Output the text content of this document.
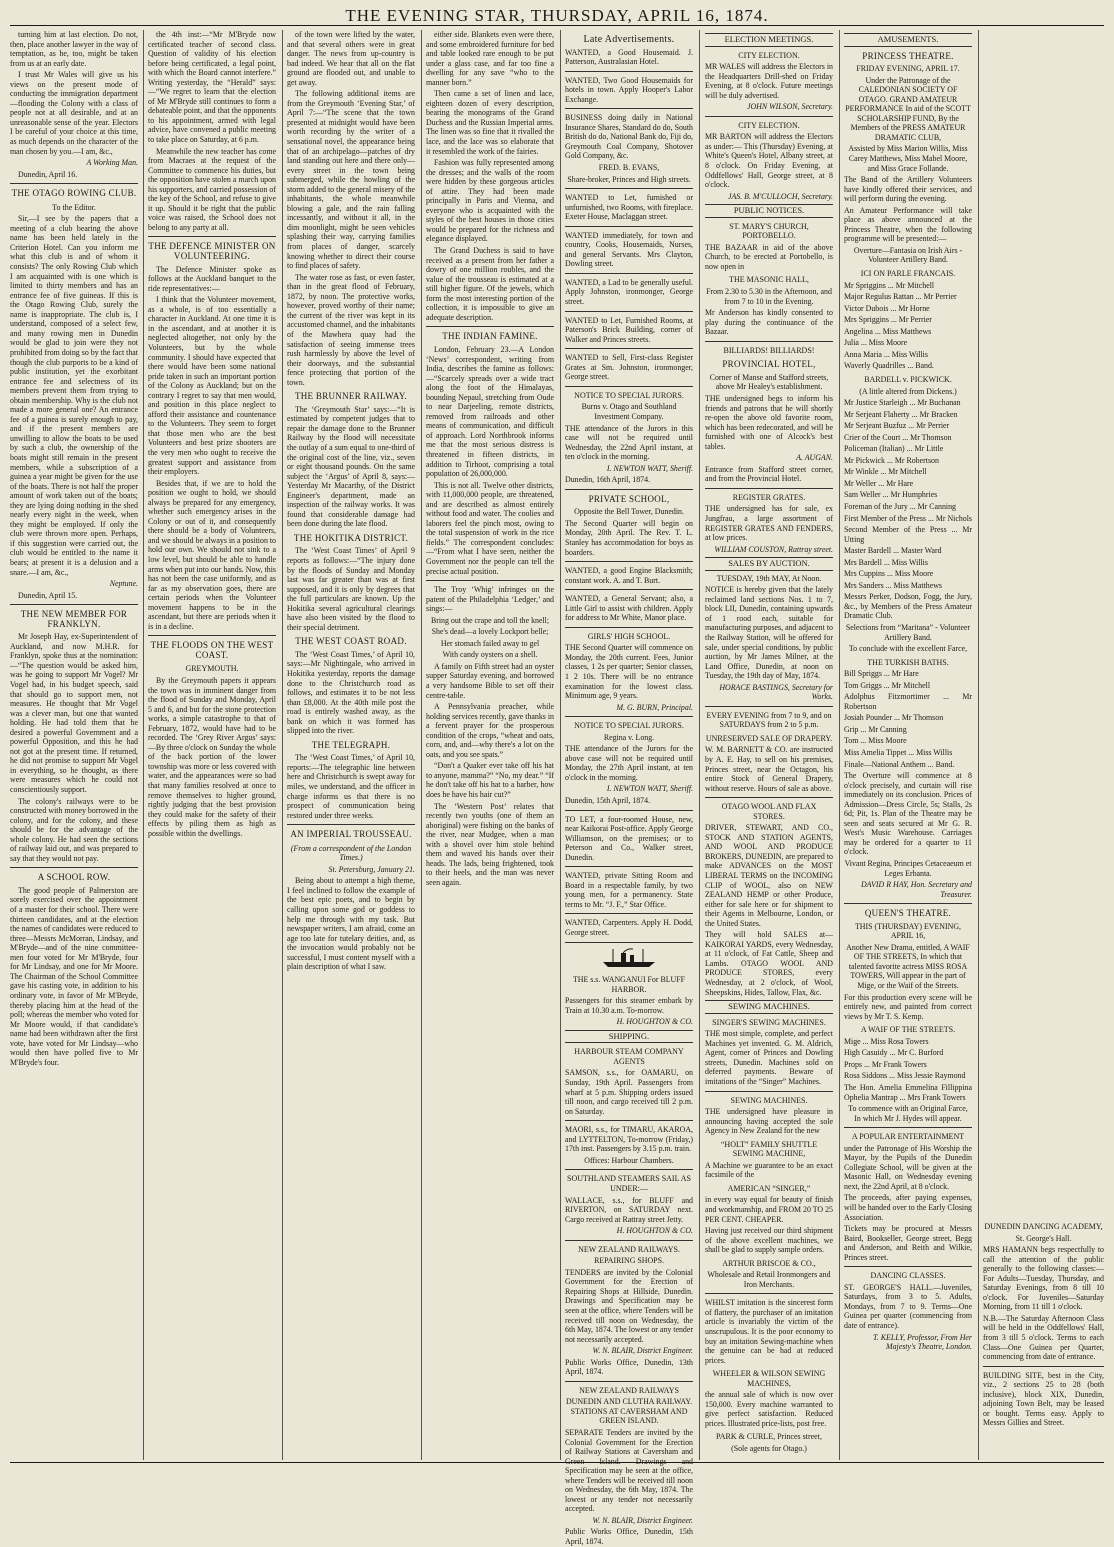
THE EVENING STAR, THURSDAY, APRIL 16, 1874.

turning him at last election. Do not, then, place another lawyer in the way of temptation, as he, too, might be taken from us at an early date.

I trust Mr Wales will give us his views on the present mode of conducting the immigration department—flooding the Colony with a class of people not at all desirable, and at an unreasonable sense of the year. Electors I be careful of your choice at this time, as much depends on the character of the man chosen by you.—I am, &c.,

A Working Man.

Dunedin, April 16.

THE OTAGO ROWING CLUB.
To the Editor.

Sir,—I see by the papers that a meeting of a club bearing the above name has been held lately in the Criterion Hotel. Can you inform me what this club is and of whom it consists? The only Rowing Club which I am acquainted with is one which is limited to thirty members and has an entrance fee of five guineas. If this is the Otago Rowing Club, surely the name is inappropriate. The club is, I understand, composed of a select few, and many rowing men in Dunedin would be glad to join were they not prohibited from doing so by the fact that though the club purports to be a kind of public institution, yet the exorbitant entrance fee and selectness of its members prevent them from trying to obtain membership. Why is the club not made a more general one? An entrance fee of a guinea is surely enough to pay, and if the present members are unwilling to allow the boats to be used by such a club, the ownership of the boats might still remain in the present members, while a subscription of a guinea a year might be given for the use of the boats. There is not half the proper amount of work taken out of the boats; they are lying doing nothing in the shed nearly every night in the week, when they might be employed. If only the club were thrown more open. Perhaps, if this suggestion were carried out, the club would be entitled to the name it bears; at present it is a delusion and a snare.—I am, &c.,

Neptune.

Dunedin, April 15.

THE NEW MEMBER FOR FRANKLYN.

Mr Joseph Hay, ex-Superintendent of Auckland, and now M.H.R. for Franklyn, spoke thus at the nomination:—“The question would be asked him, was he going to support Mr Vogel? Mr Vogel had, in his budget speech, said that should go to support men, not measures. He thought that Mr Vogel was a clever man, but one that wanted holding. He had told them that he desired a powerful Government and a powerful Opposition, and this he had not got at the present time. If returned, he did not promise to support Mr Vogel in everything, so he thought, as there were measures which he could not conscientiously support.

The colony's railways were to be constructed with money borrowed in the colony, and for the colony, and these should be for the advantage of the whole colony. He had seen the sections of railway laid out, and was prepared to say that they would not pay.

A SCHOOL ROW.

The good people of Palmerston are sorely exercised over the appointment of a master for their school. There were thirteen candidates, and at the election the names of candidates were reduced to three—Messrs McMorran, Lindsay, and M'Bryde—and of the nine committee-men four voted for Mr M'Bryde, four for Mr Lindsay, and one for Mr Moore. The Chairman of the School Committee gave his casting vote, in addition to his ordinary vote, in favor of Mr M'Bryde, thereby placing him at the head of the poll; whereas the member who voted for Mr Moore would, if that candidate's name had been withdrawn after the first vote, have voted for Mr Lindsay—who would then have polled five to Mr M'Bryde's four.

the 4th inst:—“Mr M'Bryde now certificated teacher of second class. Question of validity of his election before being certificated, a legal point, with which the Board cannot interfere.” Writing yesterday, the “Herald” says:—“We regret to learn that the election of Mr M'Bryde still continues to form a debateable point, and that the opponents to his appointment, armed with legal advice, have convened a public meeting to take place on Saturday, at 6 p.m.

Meanwhile the new teacher has come from Macraes at the request of the Committee to commence his duties, but the opposition have stolen a march upon his supporters, and carried possession of the key of the School, and refuse to give it up. Should it be right that the public voice was raised, the School does not belong to any party at all.

THE DEFENCE MINISTER ON VOLUNTEERING.

The Defence Minister spoke as follows at the Auckland banquet to the ride representatives:—

I think that the Volunteer movement, as a whole, is of too essentially a character in Auckland. At one time it is in the ascendant, and at another it is neglected altogether, not only by the Volunteers, but by the whole community. I should have expected that there would have been some national pride taken in such an important portion of the Colony as Auckland; but on the contrary I regret to say that men would, and position in this place neglect to afford their assistance and countenance to the Volunteers. They seem to forget that those men who are the best Volunteers and best prize shooters are the very men who ought to receive the greatest support and assistance from their employers.

Besides that, if we are to hold the position we ought to hold, we should always be prepared for any emergency, whether such emergency arises in the Colony or out of it, and consequently there should be a body of Volunteers, and we should be always in a position to hold our own. We should not sink to a low level, but should be able to handle arms when put into our hands. Now, this has not been the case uniformly, and as far as my observation goes, there are certain periods when the Volunteer movement happens to be in the ascendant, but there are periods when it is in a decline.

THE FLOODS ON THE WEST COAST.
GREYMOUTH.

By the Greymouth papers it appears the town was in imminent danger from the flood of Sunday and Monday, April 5 and 6, and but for the stone protection works, a simple catastrophe to that of February, 1872, would have had to be recorded. The ‘Grey River Argus’ says:—By three o'clock on Sunday the whole of the back portion of the lower township was more or less covered with water, and the appearances were so bad that many families resolved at once to remove themselves to higher ground, rightly judging that the best provision they could make for the safety of their effects by piling them as high as possible within the dwellings.

of the town were lifted by the water, and that several others were in great danger. The news from up-country is bad indeed. We hear that all on the flat ground are flooded out, and unable to get away.

The following additional items are from the Greymouth ‘Evening Star,’ of April 7:—“The scene that the town presented at midnight would have been worth recording by the writer of a sensational novel, the appearance being that of an archipelago—patches of dry land standing out here and there only—every street in the town being submerged, while the howling of the storm added to the general misery of the inhabitants, the whole meanwhile blowing a gale, and the rain falling incessantly, and without it all, in the dim moonlight, might be seen vehicles splashing their way, carrying families from places of danger, scarcely knowing whether to direct their course to find places of safety.

The water rose as fast, or even faster, than in the great flood of February, 1872, by noon. The protective works, however, proved worthy of their name; the current of the river was kept in its accustomed channel, and the inhabitants of the Mawhera quay had the satisfaction of seeing immense trees rush harmlessly by above the level of their doorways, and the substantial fence protecting that portion of the town.

THE BRUNNER RAILWAY.

The ‘Greymouth Star’ says:—“It is estimated by competent judges that to repair the damage done to the Brunner Railway by the flood will necessitate the outlay of a sum equal to one-third of the original cost of the line, viz., seven or eight thousand pounds. On the same subject the ‘Argus’ of April 8, says:—Yesterday Mr Macarthy, of the District Engineer's department, made an inspection of the railway works. It was found that considerable damage had been done during the late flood.

THE HOKITIKA DISTRICT.

The ‘West Coast Times’ of April 9 reports as follows:—“The injury done by the floods of Sunday and Monday last was far greater than was at first supposed, and it is only by degrees that the full particulars are known. Up the Hokitika several agricultural clearings have also been visited by the flood to their special detriment.

THE WEST COAST ROAD.

The ‘West Coast Times,’ of April 10, says:—Mr Nightingale, who arrived in Hokitika yesterday, reports the damage done to the Christchurch road as follows, and estimates it to be not less than £8,000. At the 40th mile post the road is entirely washed away, as the bank on which it was formed has slipped into the river.

THE TELEGRAPH.

The ‘West Coast Times,’ of April 10, reports:—The telegraphic line between here and Christchurch is swept away for miles, we understand, and the officer in charge informs us that there is no prospect of communication being restored under three weeks.

AN IMPERIAL TROUSSEAU.
(From a correspondent of the London Times.)

St. Petersburg, January 21.

Being about to attempt a high theme, I feel inclined to follow the example of the best epic poets, and to begin by calling upon some god or goddess to help me through with my task. But newspaper writers, I am afraid, come an age too late for tutelary deities, and, as the invocation would probably not be successful, I must content myself with a plain description of what I saw.

either side. Blankets even were there, and some embroidered furniture for bed and table looked rare enough to be put under a glass case, and far too fine a dwelling for any save “who to the manner born.”

Then came a set of linen and lace, eighteen dozen of every description, bearing the monograms of the Grand Duchess and the Russian Imperial arms. The linen was so fine that it rivalled the lace, and the lace was so elaborate that it resembled the work of the fairies.

Fashion was fully represented among the dresses; and the walls of the room were hidden by these gorgeous articles of attire. They had been made principally in Paris and Vienna, and everyone who is acquainted with the styles of the best houses in those cities would be prepared for the richness and elegance displayed.

The Grand Duchess is said to have received as a present from her father a dowry of one million roubles, and the value of the trousseau is estimated at a still higher figure. Of the jewels, which form the most interesting portion of the collection, it is impossible to give an adequate description.

THE INDIAN FAMINE.

London, February 23.—A London ‘News’ correspondent, writing from India, describes the famine as follows:—“Scarcely spreads over a wide tract along the foot of the Himalayas, bounding Nepaul, stretching from Oude to near Darjeeling, remote districts, removed from railroads and other means of communication, and difficult of approach. Lord Northbrook informs me that the most serious distress is threatened in fifteen districts, in addition to Tirhoot, comprising a total population of 26,000,000.

This is not all. Twelve other districts, with 11,000,000 people, are threatened, and are described as almost entirely without food and water. The coolies and laborers feel the pinch most, owing to the total suspension of work in the rice fields.” The correspondent concludes:—“From what I have seen, neither the Government nor the people can tell the precise actual position.

The Troy ‘Whig’ infringes on the patent of the Philadelphia ‘Ledger,’ and sings:—

Bring out the crape and toll the knell;

She's dead—a lovely Lockport belle;

Her stomach failed away to gel

With candy oysters on a shell.

A family on Fifth street had an oyster supper Saturday evening, and borrowed a very handsome Bible to set off their centre-table.

A Pennsylvania preacher, while holding services recently, gave thanks in a fervent prayer for the prosperous condition of the crops, “wheat and oats, corn, and, and—why there's a lot on the oats, and you see spats.”

“Don't a Quaker ever take off his hat to anyone, mamma?” “No, my dear.” “If he don't take off his hat to a barber, how does he have his hair cut?”

The ‘Western Post’ relates that recently two youths (one of them an aboriginal) were fishing on the banks of the river, near Mudgee, when a man with a shovel over him stole behind them and waved his hands over their heads. The lads, being frightened, took to their heels, and the man was never seen again.

Late Advertisements.

WANTED, a Good Housemaid. J. Patterson, Australasian Hotel.

WANTED, Two Good Housemaids for hotels in town. Apply Hooper's Labor Exchange.

BUSINESS doing daily in National Insurance Shares, Standard do do, South British do do, National Bank do, Fiji do, Greymouth Coal Company, Shotover Gold Company, &c.

FRED. B. EVANS,

Share-broker, Princes and High streets.

WANTED to Let, furnished or unfurnished, two Rooms, with fireplace. Exeter House, Maclaggan street.

WANTED immediately, for town and country, Cooks, Housemaids, Nurses, and general Servants. Mrs Clayton, Dowling street.

WANTED, a Lad to be generally useful. Apply Johnston, ironmonger, George street.

WANTED to Let, Furnished Rooms, at Paterson's Brick Building, corner of Walker and Princes streets.

WANTED to Sell, First-class Register Grates at Sm. Johnston, ironmonger, George street.

NOTICE TO SPECIAL JURORS.

Burns v. Otago and Southland Investment Company.

THE attendance of the Jurors in this case will not be required until Wednesday, the 22nd April instant, at ten o'clock in the morning.

I. NEWTON WATT, Sheriff.

Dunedin, 16th April, 1874.

PRIVATE SCHOOL,

Opposite the Bell Tower, Dunedin.

The Second Quarter will begin on Monday, 20th April. The Rev. T. L. Stanley has accommodation for boys as boarders.

WANTED, a good Engine Blacksmith; constant work. A. and T. Burt.

WANTED, a General Servant; also, a Little Girl to assist with children. Apply for address to Mr White, Manor place.

GIRLS' HIGH SCHOOL.

THE Second Quarter will commence on Monday, the 20th current. Fees, Junior classes, 1 2s per quarter; Senior classes, 1 2 10s. There will be no entrance examination for the lowest class. Minimum age, 9 years.

M. G. BURN, Principal.

NOTICE TO SPECIAL JURORS.

Regina v. Long.

THE attendance of the Jurors for the above case will not be required until Monday, the 27th April instant, at ten o'clock in the morning.

I. NEWTON WATT, Sheriff.

Dunedin, 15th April, 1874.

TO LET, a four-roomed House, new, near Kaikorai Post-office. Apply George Williamson, on the premises; or to Peterson and Co., Walker street, Dunedin.

WANTED, private Sitting Room and Board in a respectable family, by two young men, for a permanency. State terms to Mr. “J. F.,” Star Office.

WANTED, Carpenters. Apply H. Dodd, George street.

THE s.s. WANGANUI For BLUFF HARBOR.

Passengers for this steamer embark by Train at 10.30 a.m. To-morrow.

H. HOUGHTON & CO.

SHIPPING.
HARBOUR STEAM COMPANY AGENTS

SAMSON, s.s., for OAMARU, on Sunday, 19th April. Passengers from wharf at 5 p.m. Shipping orders issued till noon, and cargo received till 2 p.m. on Saturday.

MAORI, s.s., for TIMARU, AKAROA, and LYTTELTON, To-morrow (Friday,) 17th inst. Passengers by 3.15 p.m. train.

Offices: Harbour Chambers.

SOUTHLAND STEAMERS SAIL AS UNDER:—

WALLACE, s.s., for BLUFF and RIVERTON, on SATURDAY next. Cargo received at Rattray street Jetty.

H. HOUGHTON & CO.

NEW ZEALAND RAILWAYS.

REPAIRING SHOPS.

TENDERS are invited by the Colonial Government for the Erection of Repairing Shops at Hillside, Dunedin. Drawings and Specification may be seen at the office, where Tenders will be received till noon on Wednesday, the 6th May, 1874. The lowest or any tender not necessarily accepted.

W. N. BLAIR, District Engineer.

Public Works Office, Dunedin, 13th April, 1874.

NEW ZEALAND RAILWAYS

DUNEDIN AND CLUTHA RAILWAY. STATIONS AT CAVERSHAM AND GREEN ISLAND.

SEPARATE Tenders are invited by the Colonial Government for the Erection of Railway Stations at Caversham and Green Island. Drawings and Specification may be seen at the office, where Tenders will be received till noon on Wednesday, the 6th May, 1874. The lowest or any tender not necessarily accepted.

W. N. BLAIR, District Engineer.

Public Works Office, Dunedin, 15th April, 1874.

ELECTION MEETINGS.
CITY ELECTION.

MR WALES will address the Electors in the Headquarters Drill-shed on Friday Evening, at 8 o'clock. Future meetings will be duly advertised.

JOHN WILSON, Secretary.

CITY ELECTION.

MR BARTON will address the Electors as under:— This (Thursday) Evening, at White's Queen's Hotel, Albany street, at 8 o'clock. On Friday Evening, at Oddfellows' Hall, George street, at 8 o'clock.

JAS. B. M'CULLOCH, Secretary.

PUBLIC NOTICES.
ST. MARY'S CHURCH, PORTOBELLO.

THE BAZAAR in aid of the above Church, to be erected at Portobello, is now open in

THE MASONIC HALL,

From 2.30 to 5.30 in the Afternoon, and from 7 to 10 in the Evening.

Mr Anderson has kindly consented to play during the continuance of the Bazaar.

BILLIARDS! BILLIARDS!
PROVINCIAL HOTEL,

Corner of Manse and Stafford streets, above Mr Healey's establishment.

THE undersigned begs to inform his friends and patrons that he will shortly re-open the above old favorite room, which has been redecorated, and will be furnished with one of Alcock's best tables.

A. AUGAN.

Entrance from Stafford street corner, and from the Provincial Hotel.

REGISTER GRATES.

THE undersigned has for sale, ex Jungfrau, a large assortment of REGISTER GRATES AND FENDERS, at low prices.

WILLIAM COUSTON, Rattray street.

SALES BY AUCTION.

TUESDAY, 19th MAY, At Noon.

NOTICE is hereby given that the lately reclaimed land sections Nos. 1 to 7, block LII, Dunedin, containing upwards of 1 rood each, suitable for manufacturing purposes, and adjacent to the Railway Station, will be offered for sale, under special conditions, by public auction, by Mr James Milner, at the Land Office, Dunedin, at noon on Tuesday, the 19th day of May, 1874.

HORACE BASTINGS, Secretary for Works.

EVERY EVENING from 7 to 9, and on SATURDAYS from 2 to 5 p.m.

UNRESERVED SALE OF DRAPERY.

W. M. BARNETT & CO. are instructed by A. E. Hay, to sell on his premises, Princes street, near the Octagon, his entire Stock of General Drapery, without reserve. Hours of sale as above.

OTAGO WOOL AND FLAX STORES.

DRIVER, STEWART, AND CO., STOCK AND STATION AGENTS, AND WOOL AND PRODUCE BROKERS, DUNEDIN, are prepared to make ADVANCES on the MOST LIBERAL TERMS on the INCOMING CLIP of WOOL, also on NEW ZEALAND HEMP or other Produce, either for sale here or for shipment to their Agents in Melbourne, London, or the United States.

They will hold SALES at— KAIKORAI YARDS, every Wednesday, at 11 o'clock, of Fat Cattle, Sheep and Lambs. OTAGO WOOL AND PRODUCE STORES, every Wednesday, at 2 o'clock, of Wool, Sheepskins, Hides, Tallow, Flax, &c.

SEWING MACHINES.
SINGER'S SEWING MACHINES.

THE most simple, complete, and perfect Machines yet invented. G. M. Aldrich, Agent, corner of Princes and Dowling streets, Dunedin. Machines sold on deferred payments. Beware of imitations of the “Singer” Machines.

SEWING MACHINES.

THE undersigned have pleasure in announcing having accepted the sole Agency in New Zealand for the new

“HOLT” FAMILY SHUTTLE SEWING MACHINE,

A Machine we guarantee to be an exact facsimile of the

AMERICAN “SINGER,”

in every way equal for beauty of finish and workmanship, and FROM 20 TO 25 PER CENT. CHEAPER.

Having just received our third shipment of the above excellent machines, we shall be glad to supply sample orders.

ARTHUR BRISCOE & CO.,

Wholesale and Retail Ironmongers and Iron Merchants.

WHILST imitation is the sincerest form of flattery, the purchaser of an imitation article is invariably the victim of the unscrupulous. It is the poor economy to buy an imitation Sewing-machine when the genuine can be had at reduced prices.

WHEELER & WILSON SEWING MACHINES,

the annual sale of which is now over 150,000. Every machine warranted to give perfect satisfaction. Reduced prices. Illustrated price-lists, post free.

PARK & CURLE, Princes street,

(Sole agents for Otago.)

AMUSEMENTS.
PRINCESS THEATRE.

FRIDAY EVENING, APRIL 17.

Under the Patronage of the CALEDONIAN SOCIETY OF OTAGO. GRAND AMATEUR PERFORMANCE In aid of the SCOTT SCHOLARSHIP FUND, By the Members of the PRESS AMATEUR DRAMATIC CLUB,

Assisted by Miss Marion Willis, Miss Carey Matthews, Miss Mabel Moore, and Miss Grace Follande.

The Band of the Artillery Volunteers have kindly offered their services, and will perform during the evening.

An Amateur Performance will take place as above announced at the Princess Theatre, when the following programme will be presented:—

Overture—Fantasia on Irish Airs - Volunteer Artillery Band.

ICI ON PARLE FRANCAIS.

Mr Spriggins ... Mr Mitchell

Major Regulus Rattan ... Mr Perrier

Victor Dubois ... Mr Horne

Mrs Spriggins ... Mr Perrier

Angelina ... Miss Matthews

Julia ... Miss Moore

Anna Maria ... Miss Willis

Waverly Quadrilles ... Band.

BARDELL v. PICKWICK.

(A little altered from Dickens.)

Mr Justice Starleigh ... Mr Buchanan

Mr Serjeant Flaherty ... Mr Bracken

Mr Serjeant Buzfuz ... Mr Perrier

Crier of the Court ... Mr Thomson

Policeman (Italian) ... Mr Little

Mr Pickwick ... Mr Robertson

Mr Winkle ... Mr Mitchell

Mr Weller ... Mr Hare

Sam Weller ... Mr Humphries

Foreman of the Jury ... Mr Canning

First Member of the Press ... Mr Nichols

Second Member of the Press ... Mr Utting

Master Bardell ... Master Ward

Mrs Bardell ... Miss Willis

Mrs Cuppins ... Miss Moore

Mrs Sanders ... Miss Matthews

Messrs Perker, Dodson, Fogg, the Jury, &c., by Members of the Press Amateur Dramatic Club.

Selections from “Maritana” - Volunteer Artillery Band.

To conclude with the excellent Farce,

THE TURKISH BATHS.

Bill Spriggs ... Mr Hare

Tom Griggs ... Mr Mitchell

Adolphus Fitzmortimer ... Mr Robertson

Josiah Pounder ... Mr Thomson

Grip ... Mr Canning

Tom ... Miss Moore

Miss Amelia Tippet ... Miss Willis

Finale—National Anthem ... Band.

The Overture will commence at 8 o'clock precisely, and curtain will rise immediately on its conclusion. Prices of Admission—Dress Circle, 5s; Stalls, 2s 6d; Pit, 1s. Plan of the Theatre may be seen and seats secured at Mr G. R. West's Music Warehouse. Carriages may be ordered for a quarter to 11 o'clock.

Vivant Regina, Principes Cetaceaeum et Leges Erbanta.

DAVID R HAY, Hon. Secretary and Treasurer.

QUEEN'S THEATRE.

THIS (THURSDAY) EVENING, APRIL 16,

Another New Drama, entitled, A WAIF OF THE STREETS, In which that talented favorite actress MISS ROSA TOWERS, Will appear in the part of Mige, or the Waif of the Streets.

For this production every scene will be entirely new, and painted from correct views by Mr T. S. Kemp.

A WAIF OF THE STREETS.

Mige ... Miss Rosa Towers

High Casuidy ... Mr C. Burford

Props ... Mr Frank Towers

Rosa Siddons ... Miss Jessie Raymond

The Hon. Amelia Emmelina Fillippina Ophelia Mantrap ... Mrs Frank Towers

To commence with an Original Farce, In which Mr J. Hydes will appear.

A POPULAR ENTERTAINMENT

under the Patronage of His Worship the Mayor, by the Pupils of the Dunedin Collegiate School, will be given at the Masonic Hall, on Wednesday evening next, the 22nd April, at 8 o'clock.

The proceeds, after paying expenses, will be handed over to the Early Closing Association.

Tickets may be procured at Messrs Baird, Bookseller, George street, Begg and Anderson, and Reith and Wilkie, Princes street.

DANCING CLASSES.

ST. GEORGE'S HALL.—Juveniles, Saturdays, from 3 to 5. Adults, Mondays, from 7 to 9. Terms—One Guinea per quarter (commencing from date of entrance).

T. KELLY, Professor, From Her Majesty's Theatre, London.

DUNEDIN DANCING ACADEMY,

St. George's Hall.

MRS HAMANN begs respectfully to call the attention of the public generally to the following classes:— For Adults—Tuesday, Thursday, and Saturday Evenings, from 8 till 10 o'clock. For Juveniles—Saturday Morning, from 11 till 1 o'clock.

N.B.—The Saturday Afternoon Class will be held in the Oddfellows' Hall, from 3 till 5 o'clock. Terms to each Class—One Guinea per Quarter, commencing from date of entrance.

BUILDING SITE, best in the City, viz., 2 sections 25 to 28 (both inclusive), block XIX, Dunedin, adjoining Town Belt, may be leased or bought. Terms easy. Apply to Messrs Gillies and Street.
